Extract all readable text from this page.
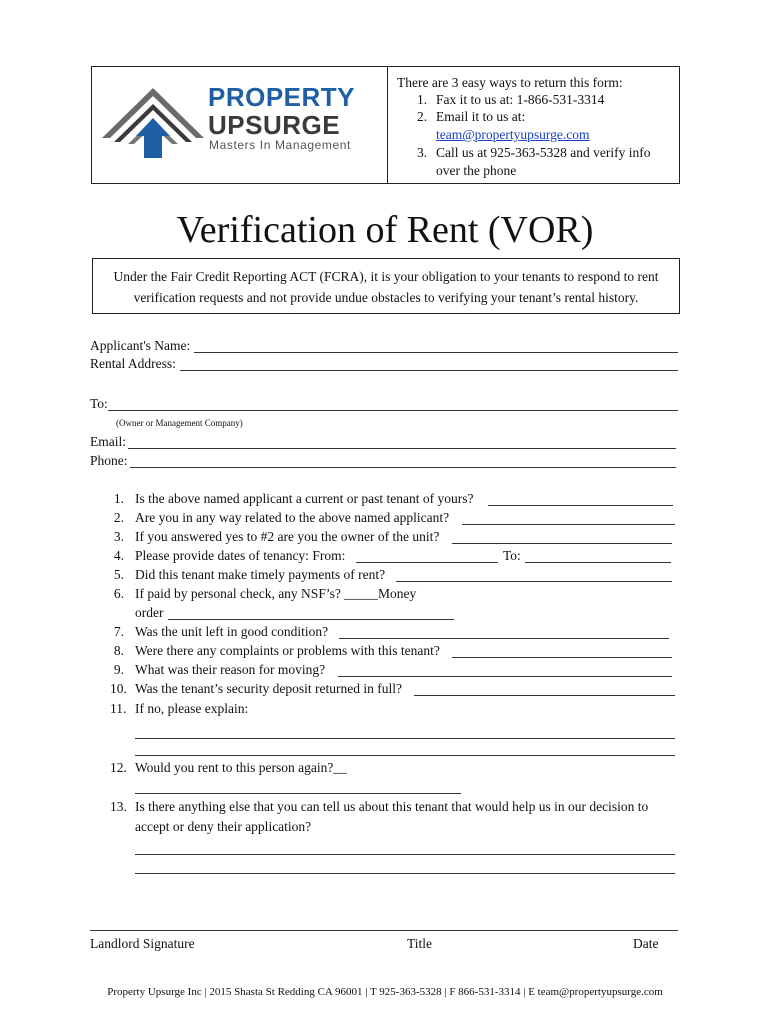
PROPERTY
UPSURGE
Masters In Management
There are 3 easy ways to return this form:
1. Fax it to us at: 1-866-531-3314
2. Email it to us at:
team@propertyupsurge.com
3. Call us at 925-363-5328 and verify info
over the phone
Verification of Rent (VOR)
Under the Fair Credit Reporting ACT (FCRA), it is your obligation to your tenants to respond to rent
verification requests and not provide undue obstacles to verifying your tenant’s rental history.
Applicant's Name:
Rental Address:
To:
(Owner or Management Company)
Email:
Phone:
1. Is the above named applicant a current or past tenant of yours?
2. Are you in any way related to the above named applicant?
3. If you answered yes to #2 are you the owner of the unit?
4. Please provide dates of tenancy: From:	To:
5. Did this tenant make timely payments of rent?
6. If paid by personal check, any NSF’s? _____Money
order
7. Was the unit left in good condition?
8. Were there any complaints or problems with this tenant?
9. What was their reason for moving?
10. Was the tenant’s security deposit returned in full?
11. If no, please explain:
12. Would you rent to this person again?__
13. Is there anything else that you can tell us about this tenant that would help us in our decision to
accept or deny their application?
Landlord Signature	Title	Date
Property Upsurge Inc | 2015 Shasta St Redding CA 96001 | T 925-363-5328 | F 866-531-3314 | E team@propertyupsurge.com
